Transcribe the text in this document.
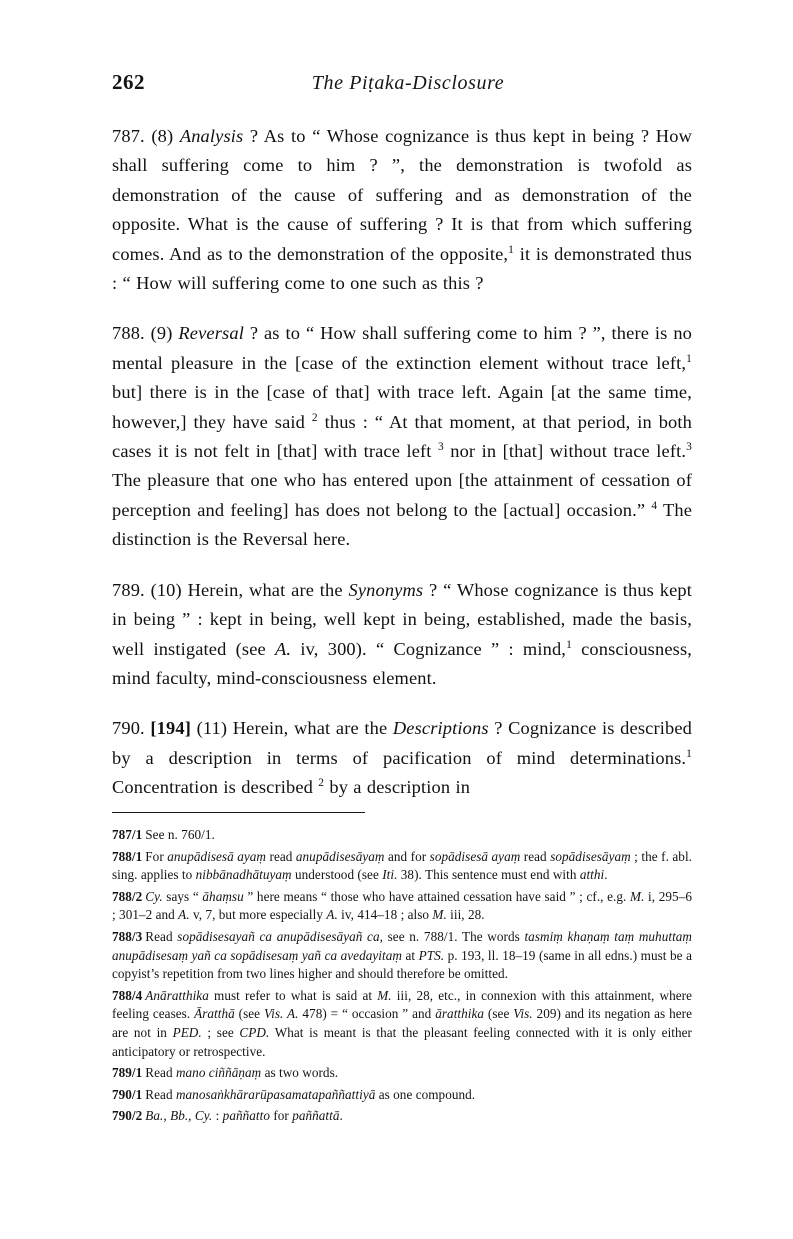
262	The Piṭaka-Disclosure

787. (8) Analysis ? As to “ Whose cognizance is thus kept in being ? How shall suffering come to him ? ”, the demonstration is twofold as demonstration of the cause of suffering and as demonstration of the opposite. What is the cause of suffering ? It is that from which suffering comes. And as to the demonstration of the opposite,$^1$ it is demonstrated thus : “ How will suffering come to one such as this ?

788. (9) Reversal ? as to “ How shall suffering come to him ? ”, there is no mental pleasure in the [case of the extinction element without trace left,$^1$ but] there is in the [case of that] with trace left. Again [at the same time, however,] they have said $^2$ thus : “ At that moment, at that period, in both cases it is not felt in [that] with trace left $^3$ nor in [that] without trace left.$^3$ The pleasure that one who has entered upon [the attainment of cessation of perception and feeling] has does not belong to the [actual] occasion.” $^4$ The distinction is the Reversal here.

789. (10) Herein, what are the Synonyms ? “ Whose cognizance is thus kept in being ” : kept in being, well kept in being, established, made the basis, well instigated (see A. iv, 300). “ Cognizance ” : mind,$^1$ consciousness, mind faculty, mind-consciousness element.

790. [194] (11) Herein, what are the Descriptions ? Cognizance is described by a description in terms of pacification of mind determinations.$^1$ Concentration is described $^2$ by a description in

787/1 See n. 760/1.

788/1 For anupādisesā ayaṃ read anupādisesāyaṃ and for sopādisesā ayaṃ read sopādisesāyaṃ ; the f. abl. sing. applies to nibbānadhātuyaṃ understood (see Iti. 38). This sentence must end with atthi.

788/2 Cy. says “ āhaṃsu ” here means “ those who have attained cessation have said ” ; cf., e.g. M. i, 295–6 ; 301–2 and A. v, 7, but more especially A. iv, 414–18 ; also M. iii, 28.

788/3 Read sopādisesayañ ca anupādisesāyañ ca, see n. 788/1. The words tasmiṃ khaṇaṃ taṃ muhuttaṃ anupādisesaṃ yañ ca sopādisesaṃ yañ ca avedayitaṃ at PTS. p. 193, ll. 18–19 (same in all edns.) must be a copyist’s repetition from two lines higher and should therefore be omitted.

788/4 Anāratthika must refer to what is said at M. iii, 28, etc., in connexion with this attainment, where feeling ceases. Āratthā (see Vis. A. 478) = “ occasion ” and āratthika (see Vis. 209) and its negation as here are not in PED. ; see CPD. What is meant is that the pleasant feeling connected with it is only either anticipatory or retrospective.

789/1 Read mano ciññāṇaṃ as two words.

790/1 Read manosaṅkhārarūpasamatapaññattiyā as one compound.

790/2 Ba., Bb., Cy. : paññatto for paññattā.
